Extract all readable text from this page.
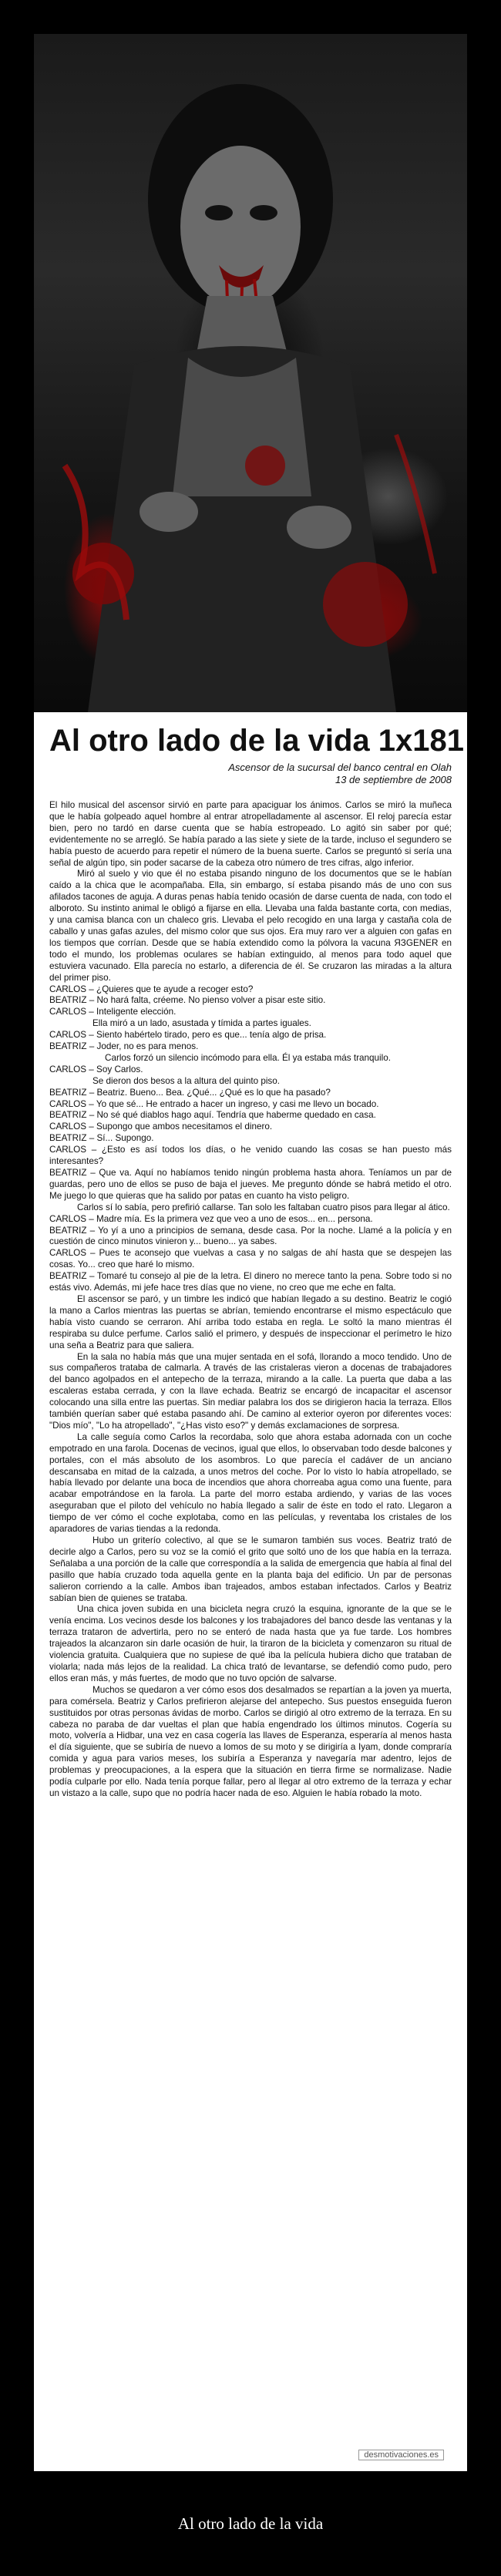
Al otro lado de la vida 1x181
Ascensor de la sucursal del banco central en Olah
13 de septiembre de 2008

El hilo musical del ascensor sirvió en parte para apaciguar los ánimos. Carlos se miró la muñeca que le había golpeado aquel hombre al entrar atropelladamente al ascensor. El reloj parecía estar bien, pero no tardó en darse cuenta que se había estropeado. Lo agitó sin saber por qué; evidentemente no se arregló. Se había parado a las siete y siete de la tarde, incluso el segundero se había puesto de acuerdo para repetir el número de la buena suerte. Carlos se preguntó si sería una señal de algún tipo, sin poder sacarse de la cabeza otro número de tres cifras, algo inferior.

Miró al suelo y vio que él no estaba pisando ninguno de los documentos que se le habían caído a la chica que le acompañaba. Ella, sin embargo, sí estaba pisando más de uno con sus afilados tacones de aguja. A duras penas había tenido ocasión de darse cuenta de nada, con todo el alboroto. Su instinto animal le obligó a fijarse en ella. Llevaba una falda bastante corta, con medias, y una camisa blanca con un chaleco gris. Llevaba el pelo recogido en una larga y castaña cola de caballo y unas gafas azules, del mismo color que sus ojos. Era muy raro ver a alguien con gafas en los tiempos que corrían. Desde que se había extendido como la pólvora la vacuna ЯЗGENER en todo el mundo, los problemas oculares se habían extinguido, al menos para todo aquel que estuviera vacunado. Ella parecía no estarlo, a diferencia de él. Se cruzaron las miradas a la altura del primer piso.

CARLOS – ¿Quieres que te ayude a recoger esto?

BEATRIZ – No hará falta, créeme. No pienso volver a pisar este sitio.

CARLOS – Inteligente elección.

Ella miró a un lado, asustada y tímida a partes iguales.

CARLOS – Siento habértelo tirado, pero es que... tenía algo de prisa.

BEATRIZ – Joder, no es para menos.

Carlos forzó un silencio incómodo para ella. Él ya estaba más tranquilo.

CARLOS – Soy Carlos.

Se dieron dos besos a la altura del quinto piso.

BEATRIZ – Beatriz. Bueno... Bea. ¿Qué... ¿Qué es lo que ha pasado?

CARLOS – Yo que sé... He entrado a hacer un ingreso, y casi me llevo un bocado.

BEATRIZ – No sé qué diablos hago aquí. Tendría que haberme quedado en casa.

CARLOS – Supongo que ambos necesitamos el dinero.

BEATRIZ – Sí... Supongo.

CARLOS – ¿Esto es así todos los días, o he venido cuando las cosas se han puesto más interesantes?

BEATRIZ – Que va. Aquí no habíamos tenido ningún problema hasta ahora. Teníamos un par de guardas, pero uno de ellos se puso de baja el jueves. Me pregunto dónde se habrá metido el otro. Me juego lo que quieras que ha salido por patas en cuanto ha visto peligro.

Carlos sí lo sabía, pero prefirió callarse. Tan solo les faltaban cuatro pisos para llegar al ático.

CARLOS – Madre mía. Es la primera vez que veo a uno de esos... en... persona.

BEATRIZ – Yo yí a uno a principios de semana, desde casa. Por la noche. Llamé a la policía y en cuestión de cinco minutos vinieron y... bueno... ya sabes.

CARLOS – Pues te aconsejo que vuelvas a casa y no salgas de ahí hasta que se despejen las cosas. Yo... creo que haré lo mismo.

BEATRIZ – Tomaré tu consejo al pie de la letra. El dinero no merece tanto la pena. Sobre todo si no estás vivo. Además, mi jefe hace tres días que no viene, no creo que me eche en falta.

El ascensor se paró, y un timbre les indicó que habían llegado a su destino. Beatriz le cogió la mano a Carlos mientras las puertas se abrían, temiendo encontrarse el mismo espectáculo que había visto cuando se cerraron. Ahí arriba todo estaba en regla. Le soltó la mano mientras él respiraba su dulce perfume. Carlos salió el primero, y después de inspeccionar el perímetro le hizo una seña a Beatriz para que saliera.

En la sala no había más que una mujer sentada en el sofá, llorando a moco tendido. Uno de sus compañeros trataba de calmarla. A través de las cristaleras vieron a docenas de trabajadores del banco agolpados en el antepecho de la terraza, mirando a la calle. La puerta que daba a las escaleras estaba cerrada, y con la llave echada. Beatriz se encargó de incapacitar el ascensor colocando una silla entre las puertas. Sin mediar palabra los dos se dirigieron hacia la terraza. Ellos también querían saber qué estaba pasando ahí. De camino al exterior oyeron por diferentes voces: "Dios mío", "Lo ha atropellado", "¿Has visto eso?" y demás exclamaciones de sorpresa.

La calle seguía como Carlos la recordaba, solo que ahora estaba adornada con un coche empotrado en una farola. Docenas de vecinos, igual que ellos, lo observaban todo desde balcones y portales, con el más absoluto de los asombros. Lo que parecía el cadáver de un anciano descansaba en mitad de la calzada, a unos metros del coche. Por lo visto lo había atropellado, se había llevado por delante una boca de incendios que ahora chorreaba agua como una fuente, para acabar empotrándose en la farola. La parte del morro estaba ardiendo, y varias de las voces aseguraban que el piloto del vehículo no había llegado a salir de éste en todo el rato. Llegaron a tiempo de ver cómo el coche explotaba, como en las películas, y reventaba los cristales de los aparadores de varias tiendas a la redonda.

Hubo un griterío colectivo, al que se le sumaron también sus voces. Beatriz trató de decirle algo a Carlos, pero su voz se la comió el grito que soltó uno de los que había en la terraza. Señalaba a una porción de la calle que correspondía a la salida de emergencia que había al final del pasillo que había cruzado toda aquella gente en la planta baja del edificio. Un par de personas salieron corriendo a la calle. Ambos iban trajeados, ambos estaban infectados. Carlos y Beatriz sabían bien de quienes se trataba.

Una chica joven subida en una bicicleta negra cruzó la esquina, ignorante de la que se le venía encima. Los vecinos desde los balcones y los trabajadores del banco desde las ventanas y la terraza trataron de advertirla, pero no se enteró de nada hasta que ya fue tarde. Los hombres trajeados la alcanzaron sin darle ocasión de huir, la tiraron de la bicicleta y comenzaron su ritual de violencia gratuita. Cualquiera que no supiese de qué iba la película hubiera dicho que trataban de violarla; nada más lejos de la realidad. La chica trató de levantarse, se defendió como pudo, pero ellos eran más, y más fuertes, de modo que no tuvo opción de salvarse.

Muchos se quedaron a ver cómo esos dos desalmados se repartían a la joven ya muerta, para comérsela. Beatriz y Carlos prefirieron alejarse del antepecho. Sus puestos enseguida fueron sustituidos por otras personas ávidas de morbo. Carlos se dirigió al otro extremo de la terraza. En su cabeza no paraba de dar vueltas el plan que había engendrado los últimos minutos. Cogería su moto, volvería a Hidbar, una vez en casa cogería las llaves de Esperanza, esperaría al menos hasta el día siguiente, que se subiría de nuevo a lomos de su moto y se dirigiría a Iyam, donde compraría comida y agua para varios meses, los subiría a Esperanza y navegaría mar adentro, lejos de problemas y preocupaciones, a la espera que la situación en tierra firme se normalizase. Nadie podía culparle por ello. Nada tenía porque fallar, pero al llegar al otro extremo de la terraza y echar un vistazo a la calle, supo que no podría hacer nada de eso. Alguien le había robado la moto.

desmotivaciones.es
Al otro lado de la vida
